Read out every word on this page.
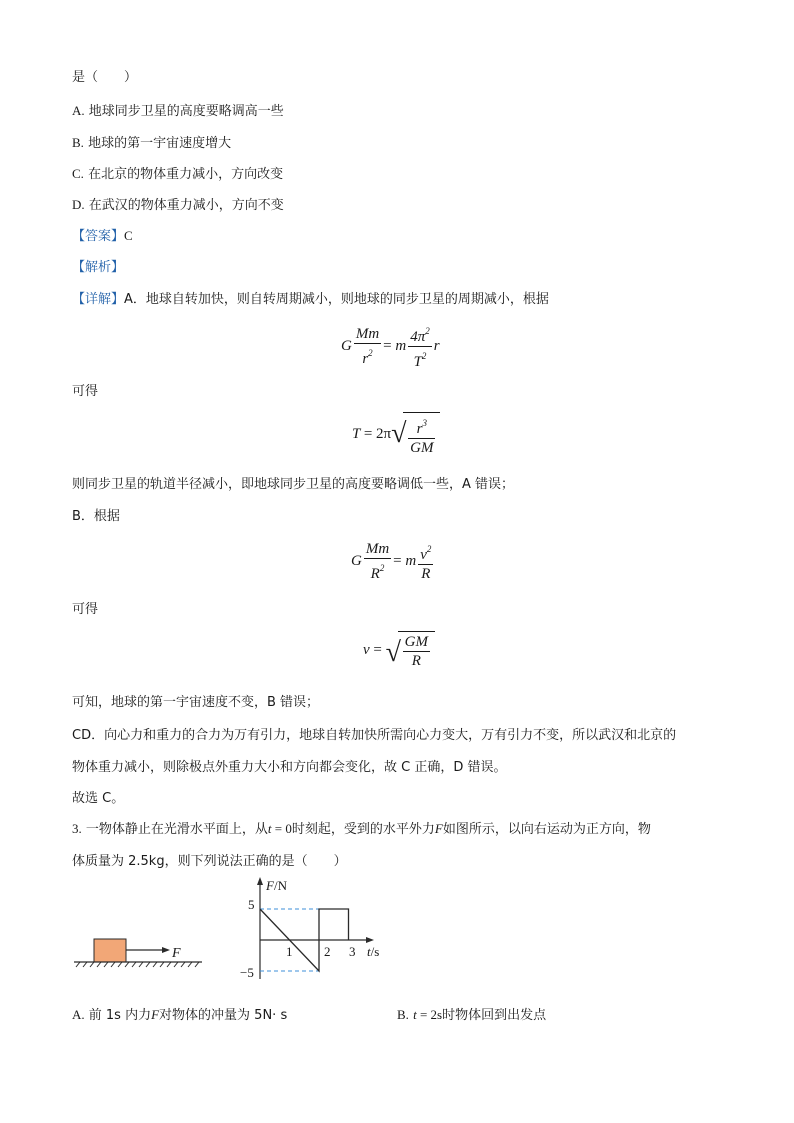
是（　　）
A. 地球同步卫星的高度要略调高一些
B. 地球的第一宇宙速度增大
C. 在北京的物体重力减小，方向改变
D. 在武汉的物体重力减小，方向不变
【答案】C
【解析】
【详解】A．地球自转加快，则自转周期减小，则地球的同步卫星的周期减小，根据
G $\frac{Mm}{r^2} = m \frac{4\pi^2}{T^2}$ r
可得
T = 2π √ $\frac{r^3}{GM}$
则同步卫星的轨道半径减小，即地球同步卫星的高度要略调低一些，A 错误；
B．根据
G $\frac{Mm}{R^2} = m \frac{v^2}{R}$
可得
v = √ $\frac{GM}{R}$
可知，地球的第一宇宙速度不变，B 错误；
CD．向心力和重力的合力为万有引力，地球自转加快所需向心力变大，万有引力不变，所以武汉和北京的
物体重力减小，则除极点外重力大小和方向都会变化，故 C 正确，D 错误。
故选 C。
3. 一物体静止在光滑水平面上，从t = 0时刻起，受到的水平外力F如图所示，以向右运动为正方向，物
体质量为 2.5kg，则下列说法正确的是（　　）
F
F/N
t/s
5
−5
1 2 3
A. 前 1s 内力F对物体的冲量为 5N· s	B. t = 2s时物体回到出发点
